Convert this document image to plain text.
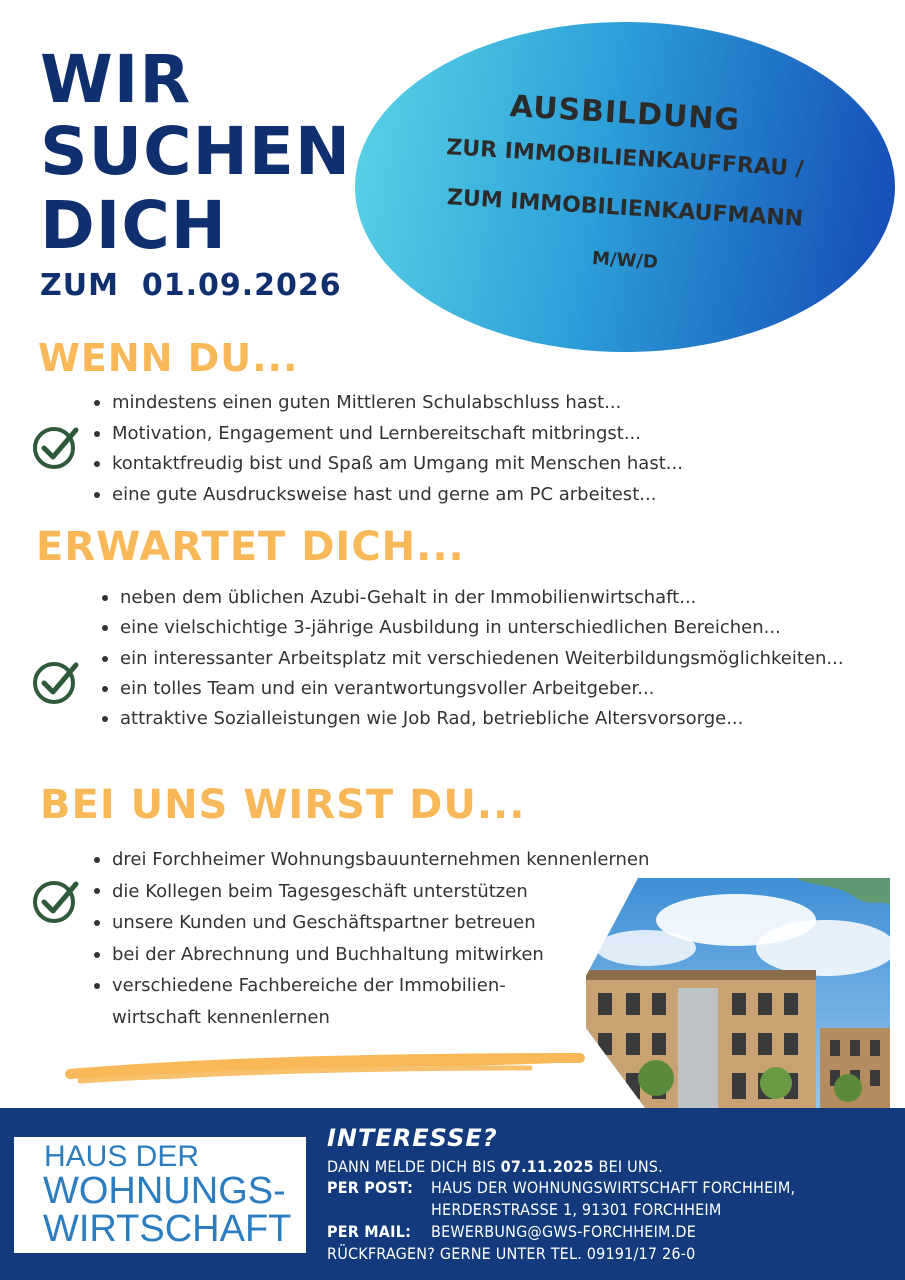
WIR
SUCHEN
DICH
ZUM 01.09.2026
AUSBILDUNG
ZUR IMMOBILIENKAUFFRAU /
ZUM IMMOBILIENKAUFMANN
M/W/D
WENN DU...
mindestens einen guten Mittleren Schulabschluss hast...
Motivation, Engagement und Lernbereitschaft mitbringst...
kontaktfreudig bist und Spaß am Umgang mit Menschen hast...
eine gute Ausdrucksweise hast und gerne am PC arbeitest...
ERWARTET DICH...
neben dem üblichen Azubi-Gehalt in der Immobilienwirtschaft...
eine vielschichtige 3-jährige Ausbildung in unterschiedlichen Bereichen...
ein interessanter Arbeitsplatz mit verschiedenen Weiterbildungsmöglichkeiten...
ein tolles Team und ein verantwortungsvoller Arbeitgeber...
attraktive Sozialleistungen wie Job Rad, betriebliche Altersvorsorge...
BEI UNS WIRST DU...
drei Forchheimer Wohnungsbauunternehmen kennenlernen
die Kollegen beim Tagesgeschäft unterstützen
unsere Kunden und Geschäftspartner betreuen
bei der Abrechnung und Buchhaltung mitwirken
verschiedene Fachbereiche der Immobilien-
wirtschaft kennenlernen
HAUS DER
WOHNUNGS-
WIRTSCHAFT
INTERESSE?
DANN MELDE DICH BIS 07.11.2025 BEI UNS.
PER POST: HAUS DER WOHNUNGSWIRTSCHAFT FORCHHEIM,
HERDERSTRASSE 1, 91301 FORCHHEIM
PER MAIL: BEWERBUNG@GWS-FORCHHEIM.DE
RÜCKFRAGEN? GERNE UNTER TEL. 09191/17 26-0
